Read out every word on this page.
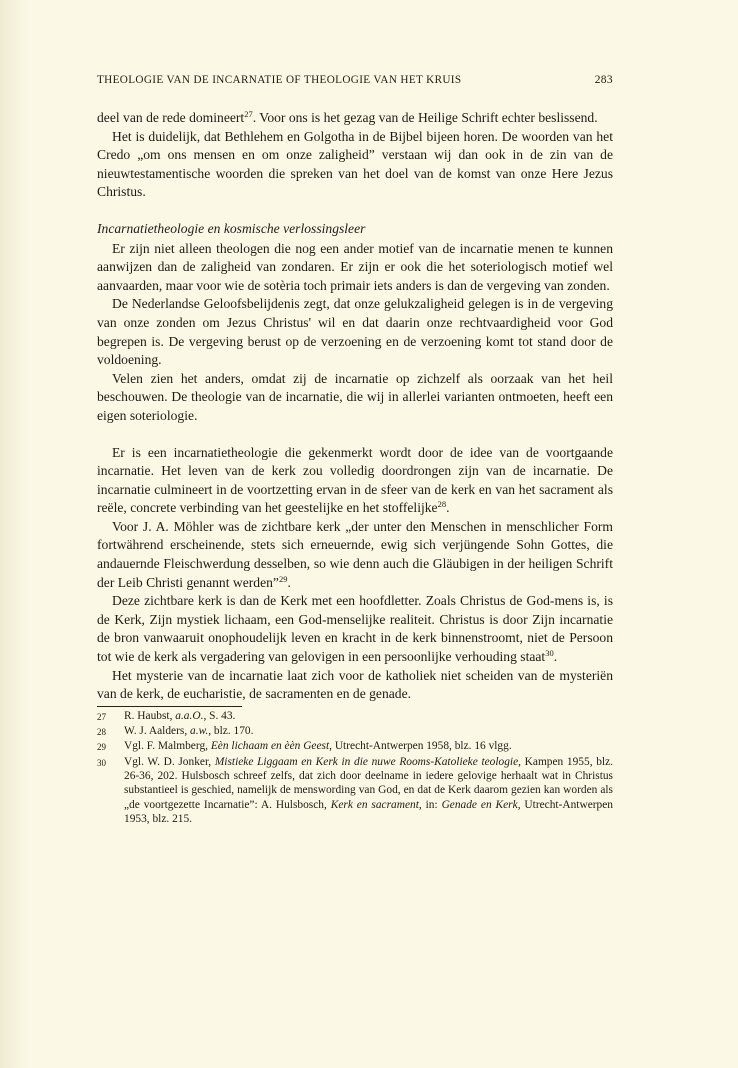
THEOLOGIE VAN DE INCARNATIE OF THEOLOGIE VAN HET KRUIS	283

deel van de rede domineert$^{27}$. Voor ons is het gezag van de Heilige Schrift echter beslissend.

Het is duidelijk, dat Bethlehem en Golgotha in de Bijbel bijeen horen. De woorden van het Credo „om ons mensen en om onze zaligheid” verstaan wij dan ook in de zin van de nieuwtestamentische woorden die spreken van het doel van de komst van onze Here Jezus Christus.

Incarnatietheologie en kosmische verlossingsleer

Er zijn niet alleen theologen die nog een ander motief van de incarnatie menen te kunnen aanwijzen dan de zaligheid van zondaren. Er zijn er ook die het soteriologisch motief wel aanvaarden, maar voor wie de sotèria toch primair iets anders is dan de vergeving van zonden.

De Nederlandse Geloofsbelijdenis zegt, dat onze gelukzaligheid gelegen is in de vergeving van onze zonden om Jezus Christus' wil en dat daarin onze rechtvaardigheid voor God begrepen is. De vergeving berust op de verzoening en de verzoening komt tot stand door de voldoening.

Velen zien het anders, omdat zij de incarnatie op zichzelf als oorzaak van het heil beschouwen. De theologie van de incarnatie, die wij in allerlei varianten ontmoeten, heeft een eigen soteriologie.

Er is een incarnatietheologie die gekenmerkt wordt door de idee van de voortgaande incarnatie. Het leven van de kerk zou volledig doordrongen zijn van de incarnatie. De incarnatie culmineert in de voortzetting ervan in de sfeer van de kerk en van het sacrament als reële, concrete verbinding van het geestelijke en het stoffelijke$^{28}$.

Voor J. A. Möhler was de zichtbare kerk „der unter den Menschen in menschlicher Form fortwährend erscheinende, stets sich erneuernde, ewig sich verjüngende Sohn Gottes, die andauernde Fleischwerdung desselben, so wie denn auch die Gläubigen in der heiligen Schrift der Leib Christi genannt werden”$^{29}$.

Deze zichtbare kerk is dan de Kerk met een hoofdletter. Zoals Christus de God-mens is, is de Kerk, Zijn mystiek lichaam, een God-menselijke realiteit. Christus is door Zijn incarnatie de bron vanwaaruit onophoudelijk leven en kracht in de kerk binnenstroomt, niet de Persoon tot wie de kerk als vergadering van gelovigen in een persoonlijke verhouding staat$^{30}$.

Het mysterie van de incarnatie laat zich voor de katholiek niet scheiden van de mysteriën van de kerk, de eucharistie, de sacramenten en de genade.

27	R. Haubst, a.a.O., S. 43.
28	W. J. Aalders, a.w., blz. 170.
29	Vgl. F. Malmberg, Eèn lichaam en èèn Geest, Utrecht-Antwerpen 1958, blz. 16 vlgg.
30	Vgl. W. D. Jonker, Mistieke Liggaam en Kerk in die nuwe Rooms-Katolieke teologie, Kampen 1955, blz. 26-36, 202. Hulsbosch schreef zelfs, dat zich door deelname in iedere gelovige herhaalt wat in Christus substantieel is geschied, namelijk de menswording van God, en dat de Kerk daarom gezien kan worden als „de voortgezette Incarnatie”: A. Hulsbosch, Kerk en sacrament, in: Genade en Kerk, Utrecht-Antwerpen 1953, blz. 215.
